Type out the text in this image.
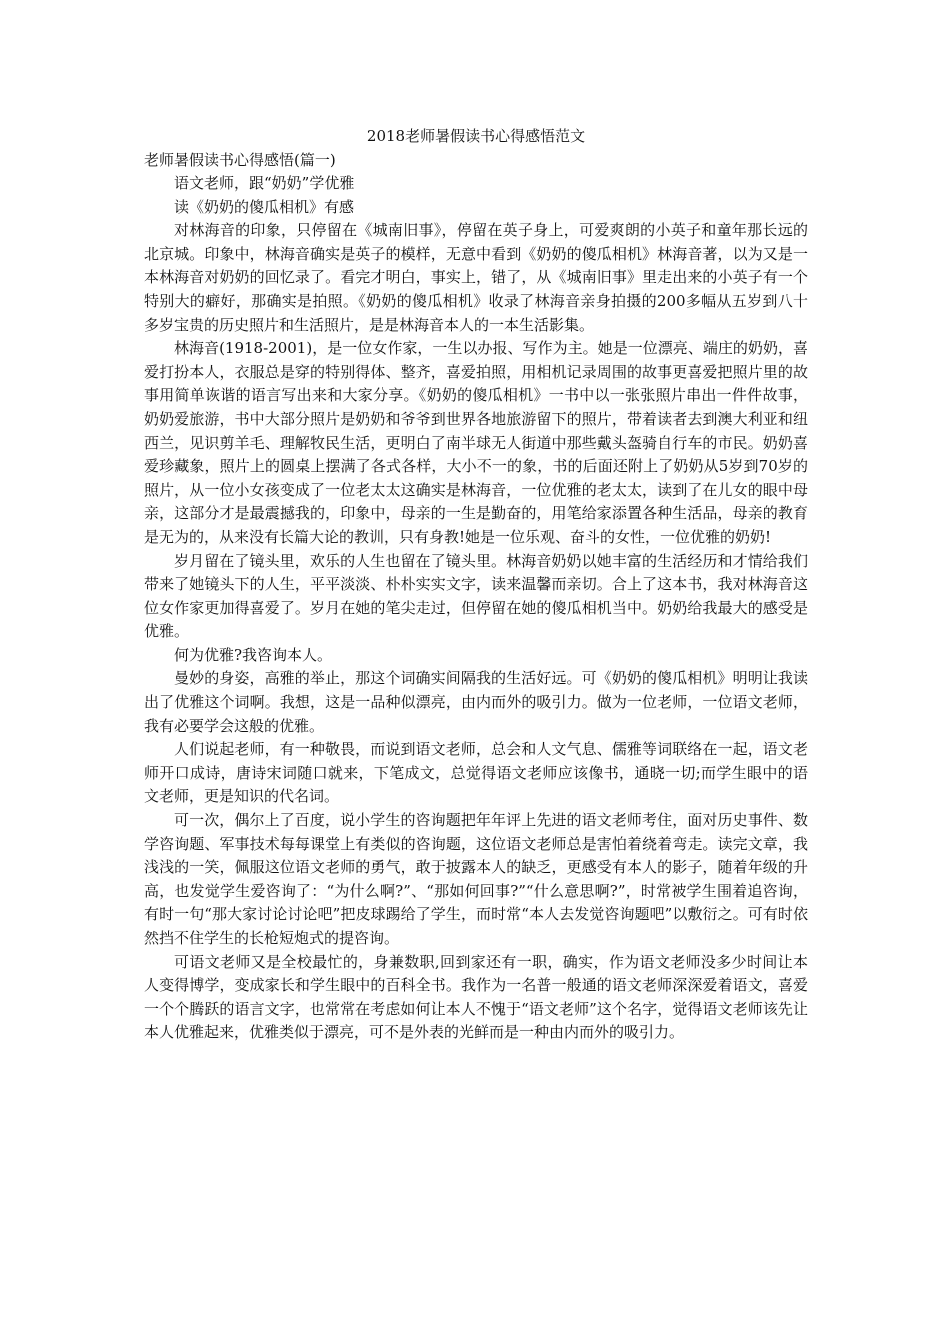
2018老师暑假读书心得感悟范文
老师暑假读书心得感悟(篇一)
语文老师，跟“奶奶”学优雅
读《奶奶的傻瓜相机》有感
对林海音的印象，只停留在《城南旧事》，停留在英子身上，可爱爽朗的小英子和童年那长远的北京城。印象中，林海音确实是英子的模样，无意中看到《奶奶的傻瓜相机》林海音著，以为又是一本林海音对奶奶的回忆录了。看完才明白，事实上，错了，从《城南旧事》里走出来的小英子有一个特别大的癖好，那确实是拍照。《奶奶的傻瓜相机》收录了林海音亲身拍摄的200多幅从五岁到八十多岁宝贵的历史照片和生活照片，是是林海音本人的一本生活影集。
林海音(1918-2001)，是一位女作家，一生以办报、写作为主。她是一位漂亮、端庄的奶奶，喜爱打扮本人，衣服总是穿的特别得体、整齐，喜爱拍照，用相机记录周围的故事更喜爱把照片里的故事用简单诙谐的语言写出来和大家分享。《奶奶的傻瓜相机》一书中以一张张照片串出一件件故事，奶奶爱旅游，书中大部分照片是奶奶和爷爷到世界各地旅游留下的照片，带着读者去到澳大利亚和纽西兰，见识剪羊毛、理解牧民生活，更明白了南半球无人街道中那些戴头盔骑自行车的市民。奶奶喜爱珍藏象，照片上的圆桌上摆满了各式各样，大小不一的象，书的后面还附上了奶奶从5岁到70岁的照片，从一位小女孩变成了一位老太太这确实是林海音，一位优雅的老太太，读到了在儿女的眼中母亲，这部分才是最震撼我的，印象中，母亲的一生是勤奋的，用笔给家添置各种生活品，母亲的教育是无为的，从来没有长篇大论的教训，只有身教!她是一位乐观、奋斗的女性，一位优雅的奶奶!
岁月留在了镜头里，欢乐的人生也留在了镜头里。林海音奶奶以她丰富的生活经历和才情给我们带来了她镜头下的人生，平平淡淡、朴朴实实文字，读来温馨而亲切。合上了这本书，我对林海音这位女作家更加得喜爱了。岁月在她的笔尖走过，但停留在她的傻瓜相机当中。奶奶给我最大的感受是优雅。
何为优雅?我咨询本人。
曼妙的身姿，高雅的举止，那这个词确实间隔我的生活好远。可《奶奶的傻瓜相机》明明让我读出了优雅这个词啊。我想，这是一品种似漂亮，由内而外的吸引力。做为一位老师，一位语文老师，我有必要学会这般的优雅。
人们说起老师，有一种敬畏，而说到语文老师，总会和人文气息、儒雅等词联络在一起，语文老师开口成诗，唐诗宋词随口就来，下笔成文，总觉得语文老师应该像书，通晓一切;而学生眼中的语文老师，更是知识的代名词。
可一次，偶尔上了百度，说小学生的咨询题把年年评上先进的语文老师考住，面对历史事件、数学咨询题、军事技术每每课堂上有类似的咨询题，这位语文老师总是害怕着绕着弯走。读完文章，我浅浅的一笑，佩服这位语文老师的勇气，敢于披露本人的缺乏，更感受有本人的影子，随着年级的升高，也发觉学生爱咨询了：“为什么啊?”、“那如何回事?”“什么意思啊?”，时常被学生围着追咨询，有时一句“那大家讨论讨论吧”把皮球踢给了学生，而时常“本人去发觉咨询题吧”以敷衍之。可有时依然挡不住学生的长枪短炮式的提咨询。
可语文老师又是全校最忙的，身兼数职,回到家还有一职，确实，作为语文老师没多少时间让本人变得博学，变成家长和学生眼中的百科全书。我作为一名普一般通的语文老师深深爱着语文，喜爱一个个腾跃的语言文字，也常常在考虑如何让本人不愧于“语文老师”这个名字，觉得语文老师该先让本人优雅起来，优雅类似于漂亮，可不是外表的光鲜而是一种由内而外的吸引力。
